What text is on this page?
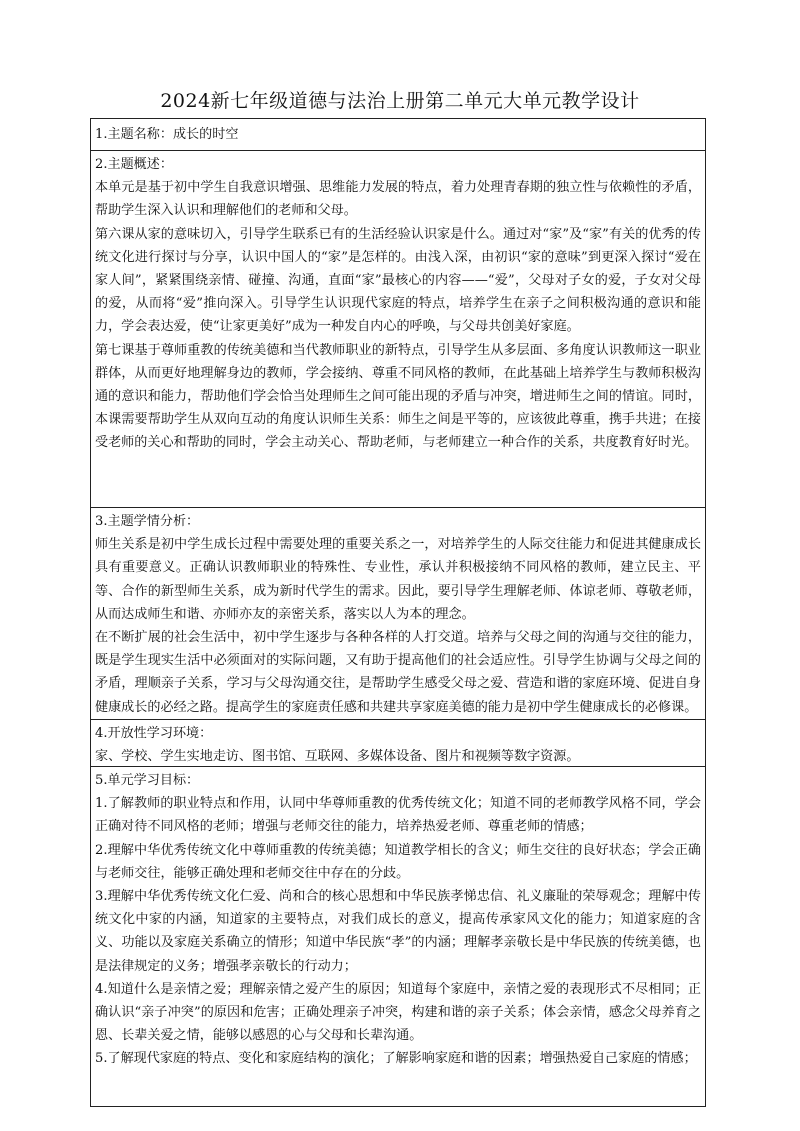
2024新七年级道德与法治上册第二单元大单元教学设计

1.主题名称：成长的时空

2.主题概述：

本单元是基于初中学生自我意识增强、思维能力发展的特点，着力处理青春期的独立性与依赖性的矛盾，帮助学生深入认识和理解他们的老师和父母。

第六课从家的意味切入，引导学生联系已有的生活经验认识家是什么。通过对“家”及“家”有关的优秀的传统文化进行探讨与分享，认识中国人的“家”是怎样的。由浅入深，由初识“家的意味”到更深入探讨“爱在家人间”，紧紧围绕亲情、碰撞、沟通，直面“家”最核心的内容——“爱”，父母对子女的爱，子女对父母的爱，从而将“爱”推向深入。引导学生认识现代家庭的特点，培养学生在亲子之间积极沟通的意识和能力，学会表达爱，使“让家更美好”成为一种发自内心的呼唤，与父母共创美好家庭。

第七课基于尊师重教的传统美德和当代教师职业的新特点，引导学生从多层面、多角度认识教师这一职业群体，从而更好地理解身边的教师，学会接纳、尊重不同风格的教师，在此基础上培养学生与教师积极沟通的意识和能力，帮助他们学会恰当处理师生之间可能出现的矛盾与冲突，增进师生之间的情谊。同时，本课需要帮助学生从双向互动的角度认识师生关系：师生之间是平等的，应该彼此尊重，携手共进；在接受老师的关心和帮助的同时，学会主动关心、帮助老师，与老师建立一种合作的关系，共度教育好时光。

3.主题学情分析：

师生关系是初中学生成长过程中需要处理的重要关系之一，对培养学生的人际交往能力和促进其健康成长具有重要意义。正确认识教师职业的特殊性、专业性，承认并积极接纳不同风格的教师，建立民主、平等、合作的新型师生关系，成为新时代学生的需求。因此，要引导学生理解老师、体谅老师、尊敬老师，从而达成师生和谐、亦师亦友的亲密关系，落实以人为本的理念。

在不断扩展的社会生活中，初中学生逐步与各种各样的人打交道。培养与父母之间的沟通与交往的能力，既是学生现实生活中必须面对的实际问题，又有助于提高他们的社会适应性。引导学生协调与父母之间的矛盾，理顺亲子关系，学习与父母沟通交往，是帮助学生感受父母之爱、营造和谐的家庭环境、促进自身健康成长的必经之路。提高学生的家庭责任感和共建共享家庭美德的能力是初中学生健康成长的必修课。

4.开放性学习环境：

家、学校、学生实地走访、图书馆、互联网、多媒体设备、图片和视频等数字资源。

5.单元学习目标：

1.了解教师的职业特点和作用，认同中华尊师重教的优秀传统文化；知道不同的老师教学风格不同，学会正确对待不同风格的老师；增强与老师交往的能力，培养热爱老师、尊重老师的情感；

2.理解中华优秀传统文化中尊师重教的传统美德；知道教学相长的含义；师生交往的良好状态；学会正确与老师交往，能够正确处理和老师交往中存在的分歧。

3.理解中华优秀传统文化仁爱、尚和合的核心思想和中华民族孝悌忠信、礼义廉耻的荣辱观念；理解中传统文化中家的内涵，知道家的主要特点，对我们成长的意义，提高传承家风文化的能力；知道家庭的含义、功能以及家庭关系确立的情形；知道中华民族“孝”的内涵；理解孝亲敬长是中华民族的传统美德，也是法律规定的义务；增强孝亲敬长的行动力；

4.知道什么是亲情之爱；理解亲情之爱产生的原因；知道每个家庭中，亲情之爱的表现形式不尽相同；正确认识“亲子冲突”的原因和危害；正确处理亲子冲突，构建和谐的亲子关系；体会亲情，感念父母养育之恩、长辈关爱之情，能够以感恩的心与父母和长辈沟通。

5.了解现代家庭的特点、变化和家庭结构的演化；了解影响家庭和谐的因素；增强热爱自己家庭的情感；
